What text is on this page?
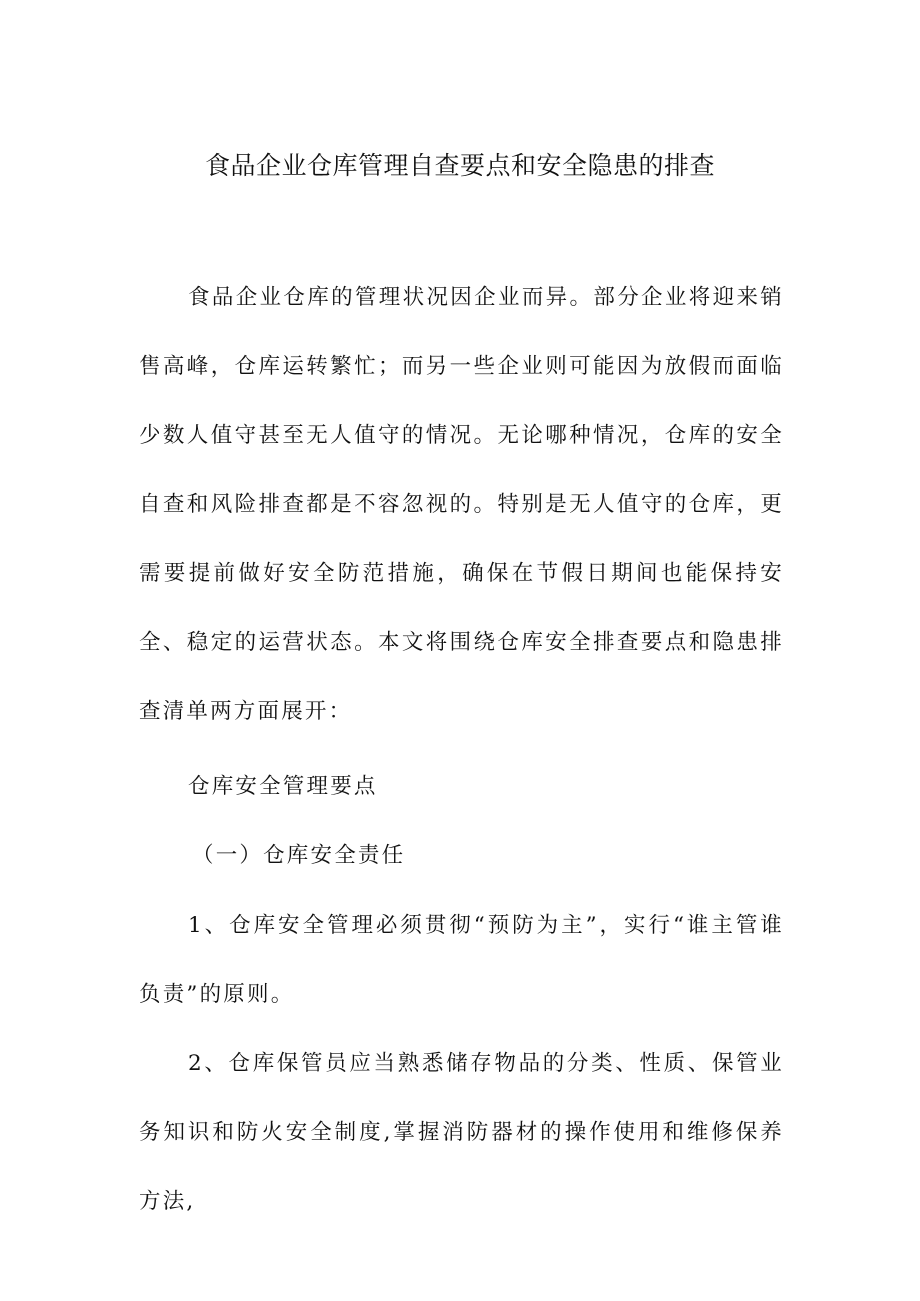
食品企业仓库管理自查要点和安全隐患的排查

食品企业仓库的管理状况因企业而异。部分企业将迎来销售高峰，仓库运转繁忙；而另一些企业则可能因为放假而面临少数人值守甚至无人值守的情况。无论哪种情况，仓库的安全自查和风险排查都是不容忽视的。特别是无人值守的仓库，更需要提前做好安全防范措施，确保在节假日期间也能保持安全、稳定的运营状态。本文将围绕仓库安全排查要点和隐患排查清单两方面展开：

仓库安全管理要点

（一）仓库安全责任

1、仓库安全管理必须贯彻“预防为主”，实行“谁主管谁负责”的原则。

2、仓库保管员应当熟悉储存物品的分类、性质、保管业务知识和防火安全制度,掌握消防器材的操作使用和维修保养方法,
